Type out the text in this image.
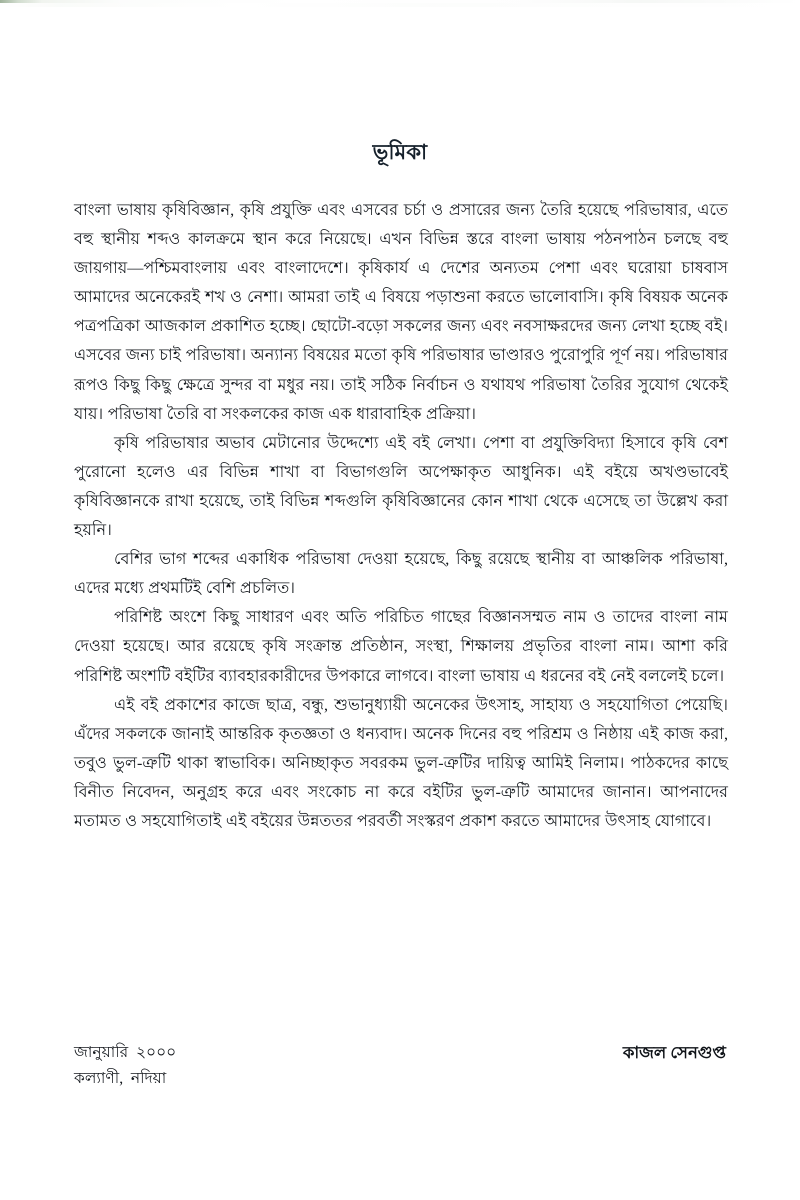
ভূমিকা

বাংলা ভাষায় কৃষিবিজ্ঞান, কৃষি প্রযুক্তি এবং এসবের চর্চা ও প্রসারের জন্য তৈরি হয়েছে পরিভাষার, এতে বহু স্থানীয় শব্দও কালক্রমে স্থান করে নিয়েছে। এখন বিভিন্ন স্তরে বাংলা ভাষায় পঠনপাঠন চলছে বহু জায়গায়—পশ্চিমবাংলায় এবং বাংলাদেশে। কৃষিকার্য এ দেশের অন্যতম পেশা এবং ঘরোয়া চাষবাস আমাদের অনেকেরই শখ ও নেশা। আমরা তাই এ বিষয়ে পড়াশুনা করতে ভালোবাসি। কৃষি বিষয়ক অনেক পত্রপত্রিকা আজকাল প্রকাশিত হচ্ছে। ছোটো-বড়ো সকলের জন্য এবং নবসাক্ষরদের জন্য লেখা হচ্ছে বই। এসবের জন্য চাই পরিভাষা। অন্যান্য বিষয়ের মতো কৃষি পরিভাষার ভাণ্ডারও পুরোপুরি পূর্ণ নয়। পরিভাষার রূপও কিছু কিছু ক্ষেত্রে সুন্দর বা মধুর নয়। তাই সঠিক নির্বাচন ও যথাযথ পরিভাষা তৈরির সুযোগ থেকেই যায়। পরিভাষা তৈরি বা সংকলকের কাজ এক ধারাবাহিক প্রক্রিয়া।

কৃষি পরিভাষার অভাব মেটানোর উদ্দেশ্যে এই বই লেখা। পেশা বা প্রযুক্তিবিদ্যা হিসাবে কৃষি বেশ পুরোনো হলেও এর বিভিন্ন শাখা বা বিভাগগুলি অপেক্ষাকৃত আধুনিক। এই বইয়ে অখণ্ডভাবেই কৃষিবিজ্ঞানকে রাখা হয়েছে, তাই বিভিন্ন শব্দগুলি কৃষিবিজ্ঞানের কোন শাখা থেকে এসেছে তা উল্লেখ করা হয়নি।

বেশির ভাগ শব্দের একাধিক পরিভাষা দেওয়া হয়েছে, কিছু রয়েছে স্থানীয় বা আঞ্চলিক পরিভাষা, এদের মধ্যে প্রথমটিই বেশি প্রচলিত।

পরিশিষ্ট অংশে কিছু সাধারণ এবং অতি পরিচিত গাছের বিজ্ঞানসম্মত নাম ও তাদের বাংলা নাম দেওয়া হয়েছে। আর রয়েছে কৃষি সংক্রান্ত প্রতিষ্ঠান, সংস্থা, শিক্ষালয় প্রভৃতির বাংলা নাম। আশা করি পরিশিষ্ট অংশটি বইটির ব্যাবহারকারীদের উপকারে লাগবে। বাংলা ভাষায় এ ধরনের বই নেই বললেই চলে।

এই বই প্রকাশের কাজে ছাত্র, বন্ধু, শুভানুধ্যায়ী অনেকের উৎসাহ, সাহায্য ও সহযোগিতা পেয়েছি। এঁদের সকলকে জানাই আন্তরিক কৃতজ্ঞতা ও ধন্যবাদ। অনেক দিনের বহু পরিশ্রম ও নিষ্ঠায় এই কাজ করা, তবুও ভুল-ত্রুটি থাকা স্বাভাবিক। অনিচ্ছাকৃত সবরকম ভুল-ত্রুটির দায়িত্ব আমিই নিলাম। পাঠকদের কাছে বিনীত নিবেদন, অনুগ্রহ করে এবং সংকোচ না করে বইটির ভুল-ত্রুটি আমাদের জানান। আপনাদের মতামত ও সহযোগিতাই এই বইয়ের উন্নততর পরবর্তী সংস্করণ প্রকাশ করতে আমাদের উৎসাহ যোগাবে।

জানুয়ারি  ২০০০
কল্যাণী,  নদিয়া
কাজল সেনগুপ্ত
